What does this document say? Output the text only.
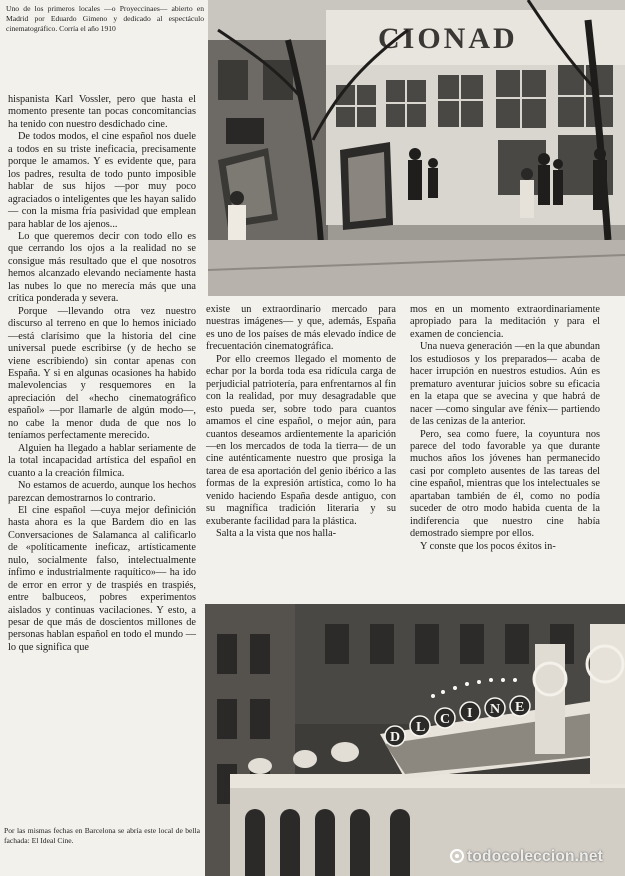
Uno de los primeros locales —o Proyeccinaes— abierto en Madrid por Eduardo Gimeno y dedicado al espectáculo cinematográfico. Corría el año 1910	CIONAD

hispanista Karl Vossler, pero que hasta el momento presente tan pocas concomitancias ha tenido con nuestro desdichado cine.

De todos modos, el cine español nos duele a todos en su triste ineficacia, precisamente porque le amamos. Y es evidente que, para los padres, resulta de todo punto imposible hablar de sus hijos —por muy poco agraciados o inteligentes que les hayan salido— con la misma fría pasividad que emplean para hablar de los ajenos...

Lo que queremos decir con todo ello es que cerrando los ojos a la realidad no se consigue más resultado que el que nosotros hemos alcanzado elevando neciamente hasta las nubes lo que no merecía más que una crítica ponderada y severa.

Porque —llevando otra vez nuestro discurso al terreno en que lo hemos iniciado —está clarísimo que la historia del cine universal puede escribirse (y de hecho se viene escribiendo) sin contar apenas con España. Y si en algunas ocasiones ha habido malevolencias y resquemores en la apreciación del «hecho cinematográfico español» —por llamarle de algún modo—, no cabe la menor duda de que nos lo teníamos perfectamente merecido.

Alguien ha llegado a hablar seriamente de la total incapacidad artística del español en cuanto a la creación fílmica.

No estamos de acuerdo, aunque los hechos parezcan demostrarnos lo contrario.

El cine español —cuya mejor definición hasta ahora es la que Bardem dio en las Conversaciones de Salamanca al calificarlo de «políticamente ineficaz, artísticamente nulo, socialmente falso, intelectualmente ínfimo e industrialmente raquítico»— ha ido de error en error y de traspiés en traspiés, entre balbuceos, pobres experimentos aislados y continuas vacilaciones. Y esto, a pesar de que más de doscientos millones de personas hablan español en todo el mundo —lo que significa que

existe un extraordinario mercado para nuestras imágenes— y que, además, España es uno de los países de más elevado índice de frecuentación cinematográfica.

Por ello creemos llegado el momento de echar por la borda toda esa ridícula carga de perjudicial patriotería, para enfrentarnos al fin con la realidad, por muy desagradable que esto pueda ser, sobre todo para cuantos amamos el cine español, o mejor aún, para cuantos deseamos ardientemente la aparición —en los mercados de toda la tierra— de un cine auténticamente nuestro que prosiga la tarea de esa aportación del genio ibérico a las formas de la expresión artística, como lo ha venido haciendo España desde antiguo, con su magnífica tradición literaria y su exuberante facilidad para la plástica.

Salta a la vista que nos halla-

mos en un momento extraordinariamente apropiado para la meditación y para el examen de conciencia.

Una nueva generación —en la que abundan los estudiosos y los preparados— acaba de hacer irrupción en nuestros estudios. Aún es prematuro aventurar juicios sobre su eficacia en la etapa que se avecina y que habrá de nacer —como singular ave fénix— partiendo de las cenizas de la anterior.

Pero, sea como fuere, la coyuntura nos parece del todo favorable ya que durante muchos años los jóvenes han permanecido casi por completo ausentes de las tareas del cine español, mientras que los intelectuales se apartaban también de él, como no podía suceder de otro modo habida cuenta de la indiferencia que nuestro cine había demostrado siempre por ellos.

Y conste que los pocos éxitos in-

D
L
C I N E
Por las mismas fechas en Barcelona se abría este local de bella fachada: El Ideal Cine.
todocoleccion.net
